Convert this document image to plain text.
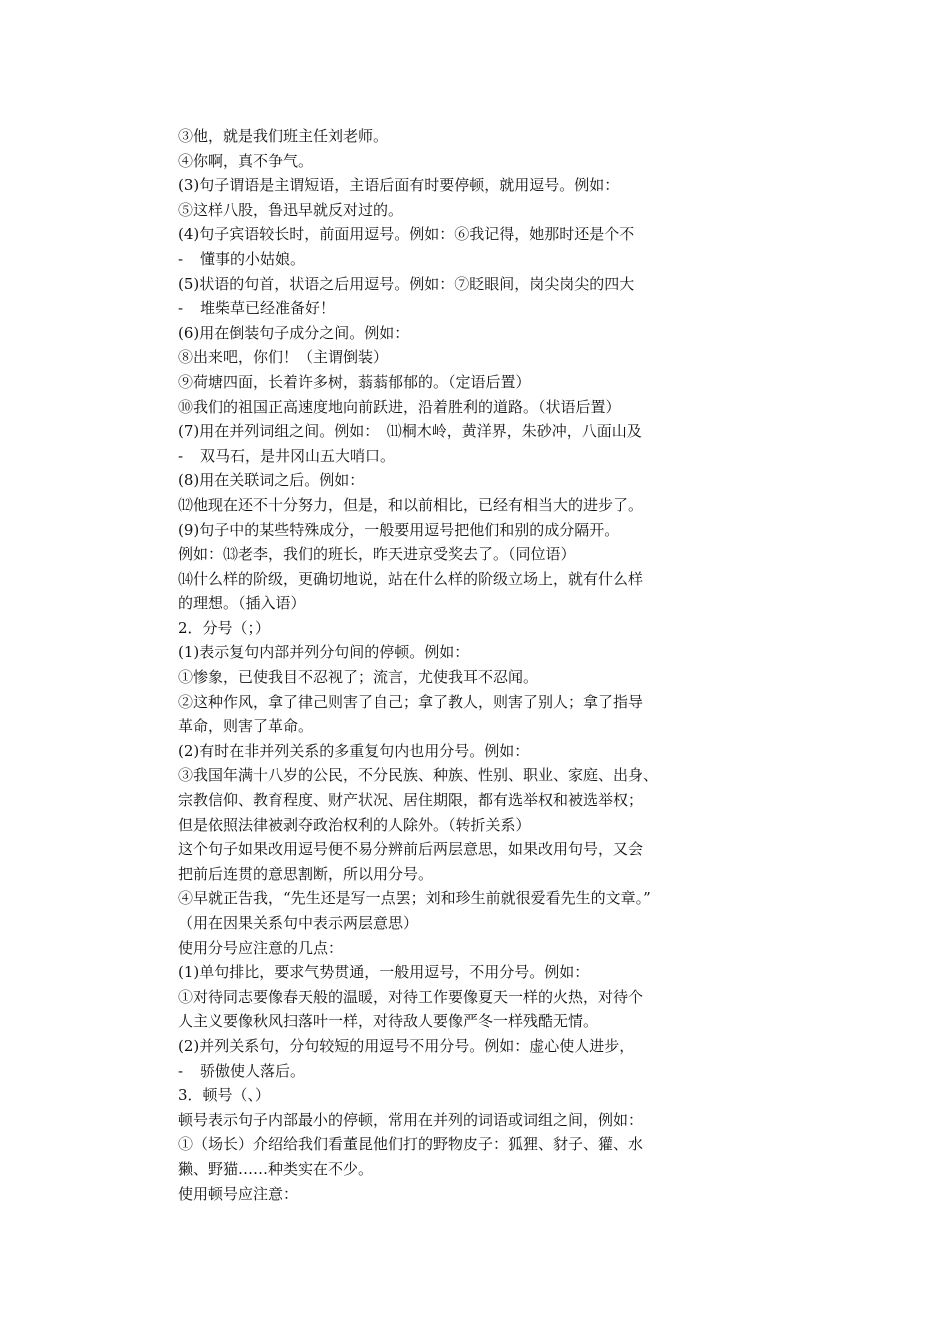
③他，就是我们班主任刘老师。
④你啊，真不争气。
(3)句子谓语是主谓短语，主语后面有时要停顿，就用逗号。例如：
⑤这样八股，鲁迅早就反对过的。
(4)句子宾语较长时，前面用逗号。例如：⑥我记得，她那时还是个不
- 懂事的小姑娘。
(5)状语的句首，状语之后用逗号。例如：⑦眨眼间，岗尖岗尖的四大
- 堆柴草已经准备好！
(6)用在倒装句子成分之间。例如：
⑧出来吧，你们！（主谓倒装）
⑨荷塘四面，长着许多树，蓊蓊郁郁的。（定语后置）
⑩我们的祖国正高速度地向前跃进，沿着胜利的道路。（状语后置）
(7)用在并列词组之间。例如：　⑾桐木岭，黄洋界，朱砂冲，八面山及
- 双马石，是井冈山五大哨口。
(8)用在关联词之后。例如：
⑿他现在还不十分努力，但是，和以前相比，已经有相当大的进步了。
(9)句子中的某些特殊成分，一般要用逗号把他们和别的成分隔开。
例如：⒀老李，我们的班长，昨天进京受奖去了。（同位语）
⒁什么样的阶级，更确切地说，站在什么样的阶级立场上，就有什么样
的理想。（插入语）
2．分号（；）
(1)表示复句内部并列分句间的停顿。例如：
①惨象，已使我目不忍视了；流言，尤使我耳不忍闻。
②这种作风，拿了律己则害了自己；拿了教人，则害了别人；拿了指导
革命，则害了革命。
(2)有时在非并列关系的多重复句内也用分号。例如：
③我国年满十八岁的公民，不分民族、种族、性别、职业、家庭、出身、
宗教信仰、教育程度、财产状况、居住期限，都有选举权和被选举权；
但是依照法律被剥夺政治权利的人除外。（转折关系）
这个句子如果改用逗号便不易分辨前后两层意思，如果改用句号，又会
把前后连贯的意思割断，所以用分号。
④早就正告我，“先生还是写一点罢；刘和珍生前就很爱看先生的文章。”
（用在因果关系句中表示两层意思）
使用分号应注意的几点：
(1)单句排比，要求气势贯通，一般用逗号，不用分号。例如：
①对待同志要像春天般的温暖，对待工作要像夏天一样的火热，对待个
人主义要像秋风扫落叶一样，对待敌人要像严冬一样残酷无情。
(2)并列关系句，分句较短的用逗号不用分号。例如：虚心使人进步，
- 骄傲使人落后。
3．顿号（、）
顿号表示句子内部最小的停顿，常用在并列的词语或词组之间，例如：
①（场长）介绍给我们看董昆他们打的野物皮子：狐狸、豺子、獾、水
獭、野猫……种类实在不少。
使用顿号应注意：
